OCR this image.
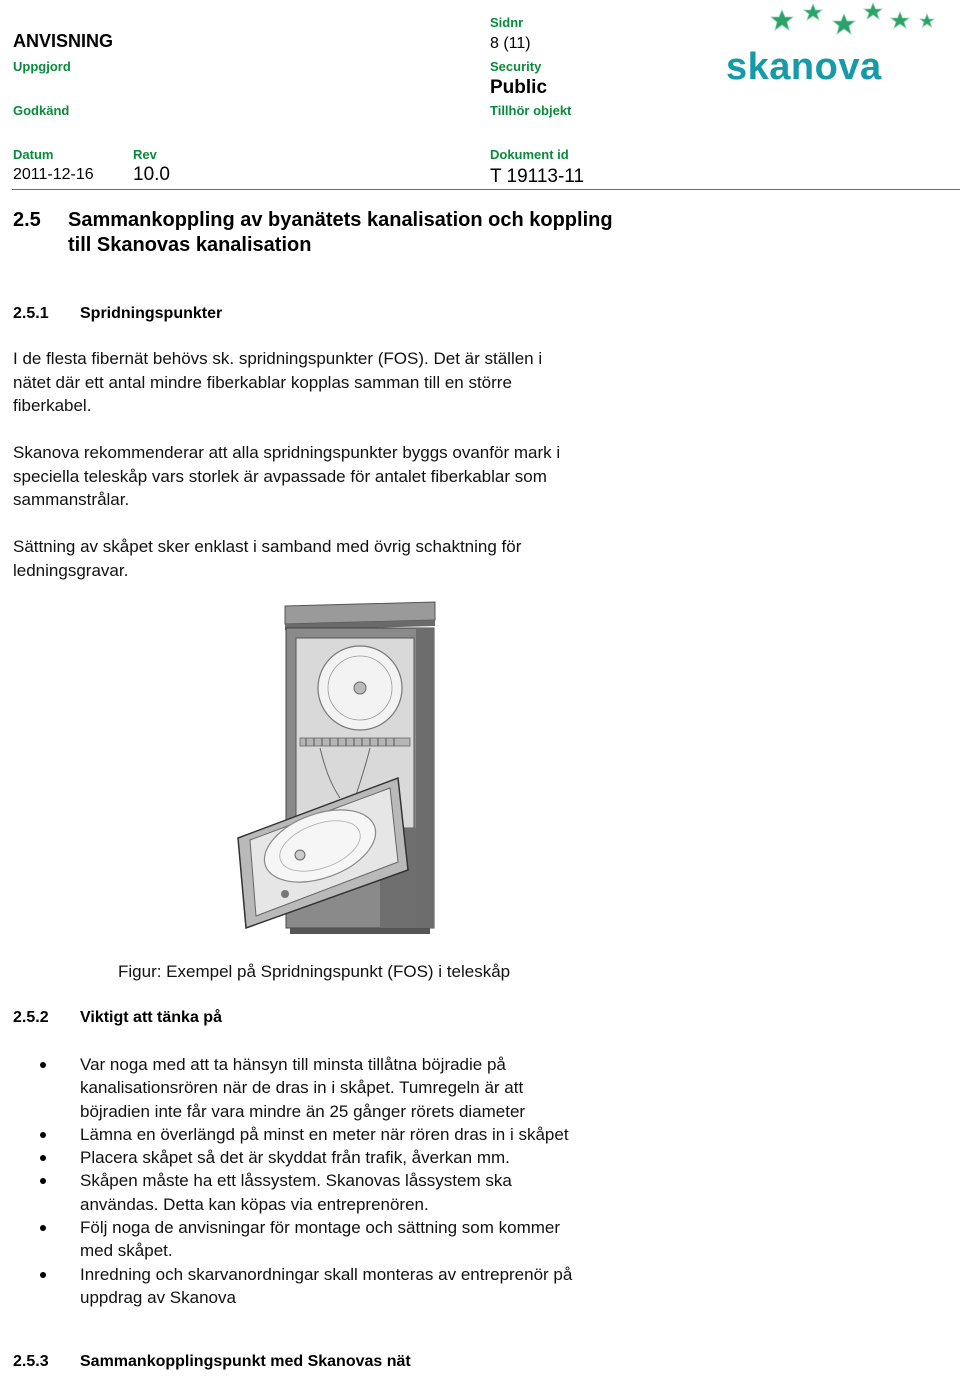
ANVISNING
Uppgjord
Godkänd
Sidnr
8 (11)
Security
Public
Tillhör objekt
Datum
2011-12-16
Rev
10.0
Dokument id
T 19113-11
skanova
2.5 Sammankoppling av byanätets kanalisation och koppling
till Skanovas kanalisation
2.5.1 Spridningspunkter
I de flesta fibernät behövs sk. spridningspunkter (FOS). Det är ställen i
nätet där ett antal mindre fiberkablar kopplas samman till en större
fiberkabel.
Skanova rekommenderar att alla spridningspunkter byggs ovanför mark i
speciella teleskåp vars storlek är avpassade för antalet fiberkablar som
sammanstrålar.
Sättning av skåpet sker enklast i samband med övrig schaktning för
ledningsgravar.
Figur: Exempel på Spridningspunkt (FOS) i teleskåp
2.5.2 Viktigt att tänka på
Var noga med att ta hänsyn till minsta tillåtna böjradie på
kanalisationsrören när de dras in i skåpet. Tumregeln är att
böjradien inte får vara mindre än 25 gånger rörets diameter
Lämna en överlängd på minst en meter när rören dras in i skåpet
Placera skåpet så det är skyddat från trafik, åverkan mm.
Skåpen måste ha ett låssystem. Skanovas låssystem ska
användas. Detta kan köpas via entreprenören.
Följ noga de anvisningar för montage och sättning som kommer
med skåpet.
Inredning och skarvanordningar skall monteras av entreprenör på
uppdrag av Skanova
2.5.3 Sammankopplingspunkt med Skanovas nät
